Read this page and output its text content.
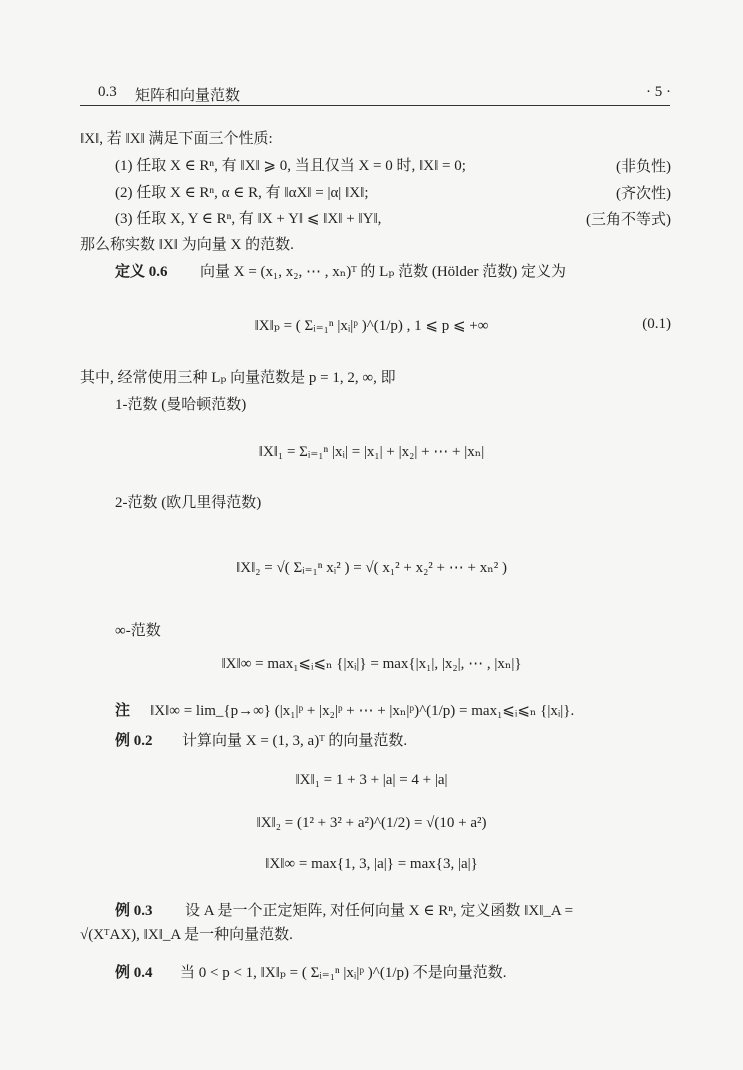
0.3 矩阵和向量范数	· 5 ·
‖X‖, 若 ‖X‖ 满足下面三个性质:
(1) 任取 X ∈ Rⁿ, 有 ‖X‖ ⩾ 0, 当且仅当 X = 0 时, ‖X‖ = 0;	(非负性)
(2) 任取 X ∈ Rⁿ, α ∈ R, 有 ‖αX‖ = |α| ‖X‖;	(齐次性)
(3) 任取 X, Y ∈ Rⁿ, 有 ‖X + Y‖ ⩽ ‖X‖ + ‖Y‖,	(三角不等式)
那么称实数 ‖X‖ 为向量 X 的范数.
定义 0.6 向量 X = (x₁, x₂, ⋯ , xₙ)ᵀ 的 Lₚ 范数 (Hölder 范数) 定义为
‖X‖ₚ = ( Σᵢ₌₁ⁿ |xᵢ|ᵖ )^(1/p) , 1 ⩽ p ⩽ +∞	(0.1)
其中, 经常使用三种 Lₚ 向量范数是 p = 1, 2, ∞, 即
1-范数 (曼哈顿范数)
‖X‖₁ = Σᵢ₌₁ⁿ |xᵢ| = |x₁| + |x₂| + ⋯ + |xₙ|
2-范数 (欧几里得范数)
‖X‖₂ = √( Σᵢ₌₁ⁿ xᵢ² ) = √( x₁² + x₂² + ⋯ + xₙ² )
∞-范数
‖X‖∞ = max₁⩽ᵢ⩽ₙ {|xᵢ|} = max{|x₁|, |x₂|, ⋯ , |xₙ|}
注 ‖X‖∞ = lim_{p→∞} (|x₁|ᵖ + |x₂|ᵖ + ⋯ + |xₙ|ᵖ)^(1/p) = max₁⩽ᵢ⩽ₙ {|xᵢ|}.
例 0.2 计算向量 X = (1, 3, a)ᵀ 的向量范数.
‖X‖₁ = 1 + 3 + |a| = 4 + |a|
‖X‖₂ = (1² + 3² + a²)^(1/2) = √(10 + a²)
‖X‖∞ = max{1, 3, |a|} = max{3, |a|}
例 0.3 设 A 是一个正定矩阵, 对任何向量 X ∈ Rⁿ, 定义函数 ‖X‖_A =
√(XᵀAX), ‖X‖_A 是一种向量范数.
例 0.4 当 0 < p < 1, ‖X‖ₚ = ( Σᵢ₌₁ⁿ |xᵢ|ᵖ )^(1/p) 不是向量范数.
